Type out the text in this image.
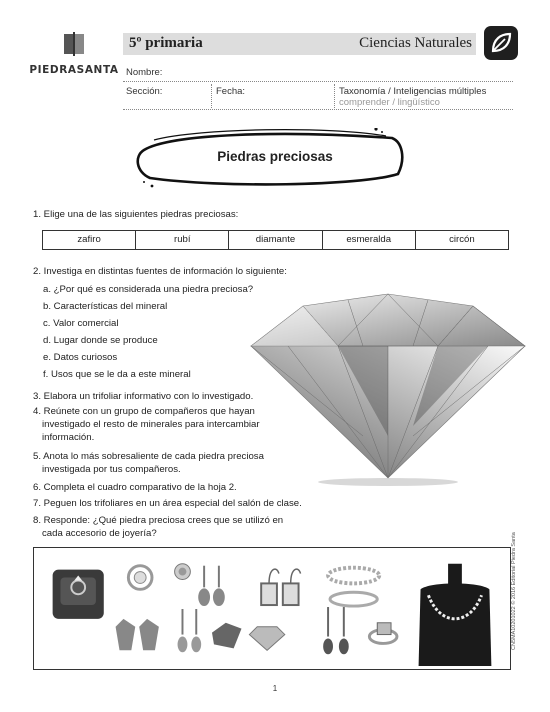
PIEDRASANTA
5º primaria	Ciencias Naturales
Nombre:
Sección:	Fecha:	Taxonomía / Inteligencias múltiples
comprender / lingüístico
Piedras preciosas
1. Elige una de las siguientes piedras preciosas:
zafiro	rubí	diamante	esmeralda	circón
2. Investiga en distintas fuentes de información lo siguiente:
a. ¿Por qué es considerada una piedra preciosa?
b. Características del mineral
c. Valor comercial
d. Lugar donde se produce
e. Datos curiosos
f. Usos que se le da a este mineral
3. Elabora un trifoliar informativo con lo investigado.
4. Reúnete con un grupo de compañeros que hayan
investigado el resto de minerales para intercambiar
información.
5. Anota lo más sobresaliente de cada piedra preciosa
investigada por tus compañeros.
6. Completa el cuadro comparativo de la hoja 2.
7. Peguen los trifoliares en un área especial del salón de clase.
8. Responde: ¿Qué piedra preciosa crees que se utilizó en
cada accesorio de joyería?	CN5MA10201022 © 2016 Editorial Piedra Santa
1
